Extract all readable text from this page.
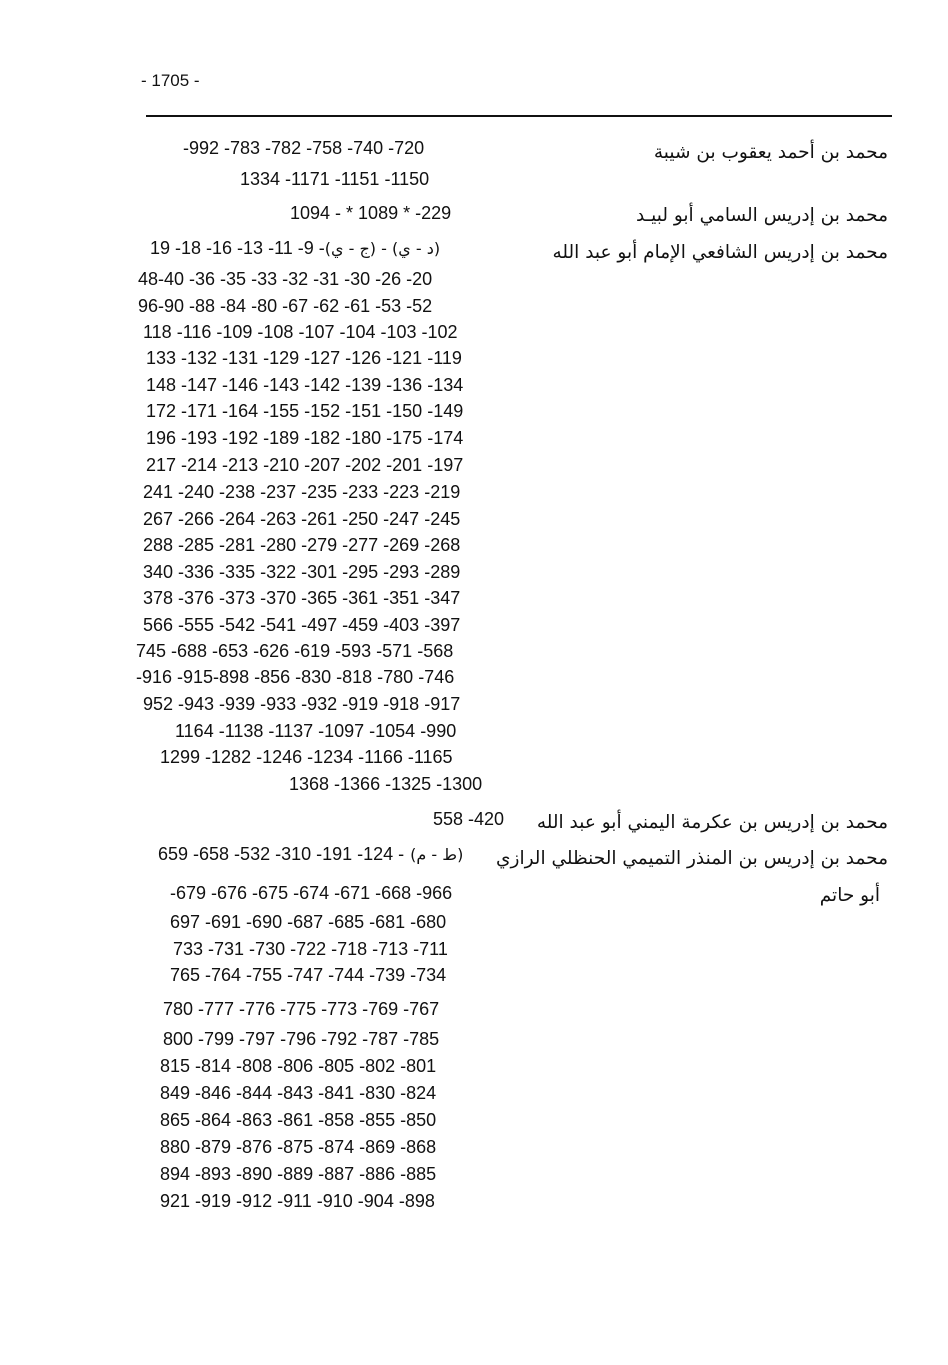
- 1705 -
محمد بن أحمد يعقوب بن شيبة
-992 -783 -782 -758 -740 -720
1334 -1171 -1151 -1150
محمد بن إدريس السامي أبو لبيـد
1094 - * 1089 * -229
محمد بن إدريس الشافعي الإمام أبو عبد الله
19 -18 -16 -13 -11 -9 -(د - ي) - (ج - ي)
48-40 -36 -35 -33 -32 -31 -30 -26 -20
96-90 -88 -84 -80 -67 -62 -61 -53 -52
118 -116 -109 -108 -107 -104 -103 -102
133 -132 -131 -129 -127 -126 -121 -119
148 -147 -146 -143 -142 -139 -136 -134
172 -171 -164 -155 -152 -151 -150 -149
196 -193 -192 -189 -182 -180 -175 -174
217 -214 -213 -210 -207 -202 -201 -197
241 -240 -238 -237 -235 -233 -223 -219
267 -266 -264 -263 -261 -250 -247 -245
288 -285 -281 -280 -279 -277 -269 -268
340 -336 -335 -322 -301 -295 -293 -289
378 -376 -373 -370 -365 -361 -351 -347
566 -555 -542 -541 -497 -459 -403 -397
745 -688 -653 -626 -619 -593 -571 -568
-916 -915-898 -856 -830 -818 -780 -746
952 -943 -939 -933 -932 -919 -918 -917
1164 -1138 -1137 -1097 -1054 -990
1299 -1282 -1246 -1234 -1166 -1165
1368 -1366 -1325 -1300
محمد بن إدريس بن عكرمة اليمني أبو عبد الله
558 -420
محمد بن إدريس بن المنذر التميمي الحنظلي الرازي
أبو حاتم
659 -658 -532 -310 -191 -124 - (ط - م)
-679 -676 -675 -674 -671 -668 -966
697 -691 -690 -687 -685 -681 -680
733 -731 -730 -722 -718 -713 -711
765 -764 -755 -747 -744 -739 -734
780 -777 -776 -775 -773 -769 -767
800 -799 -797 -796 -792 -787 -785
815 -814 -808 -806 -805 -802 -801
849 -846 -844 -843 -841 -830 -824
865 -864 -863 -861 -858 -855 -850
880 -879 -876 -875 -874 -869 -868
894 -893 -890 -889 -887 -886 -885
921 -919 -912 -911 -910 -904 -898
